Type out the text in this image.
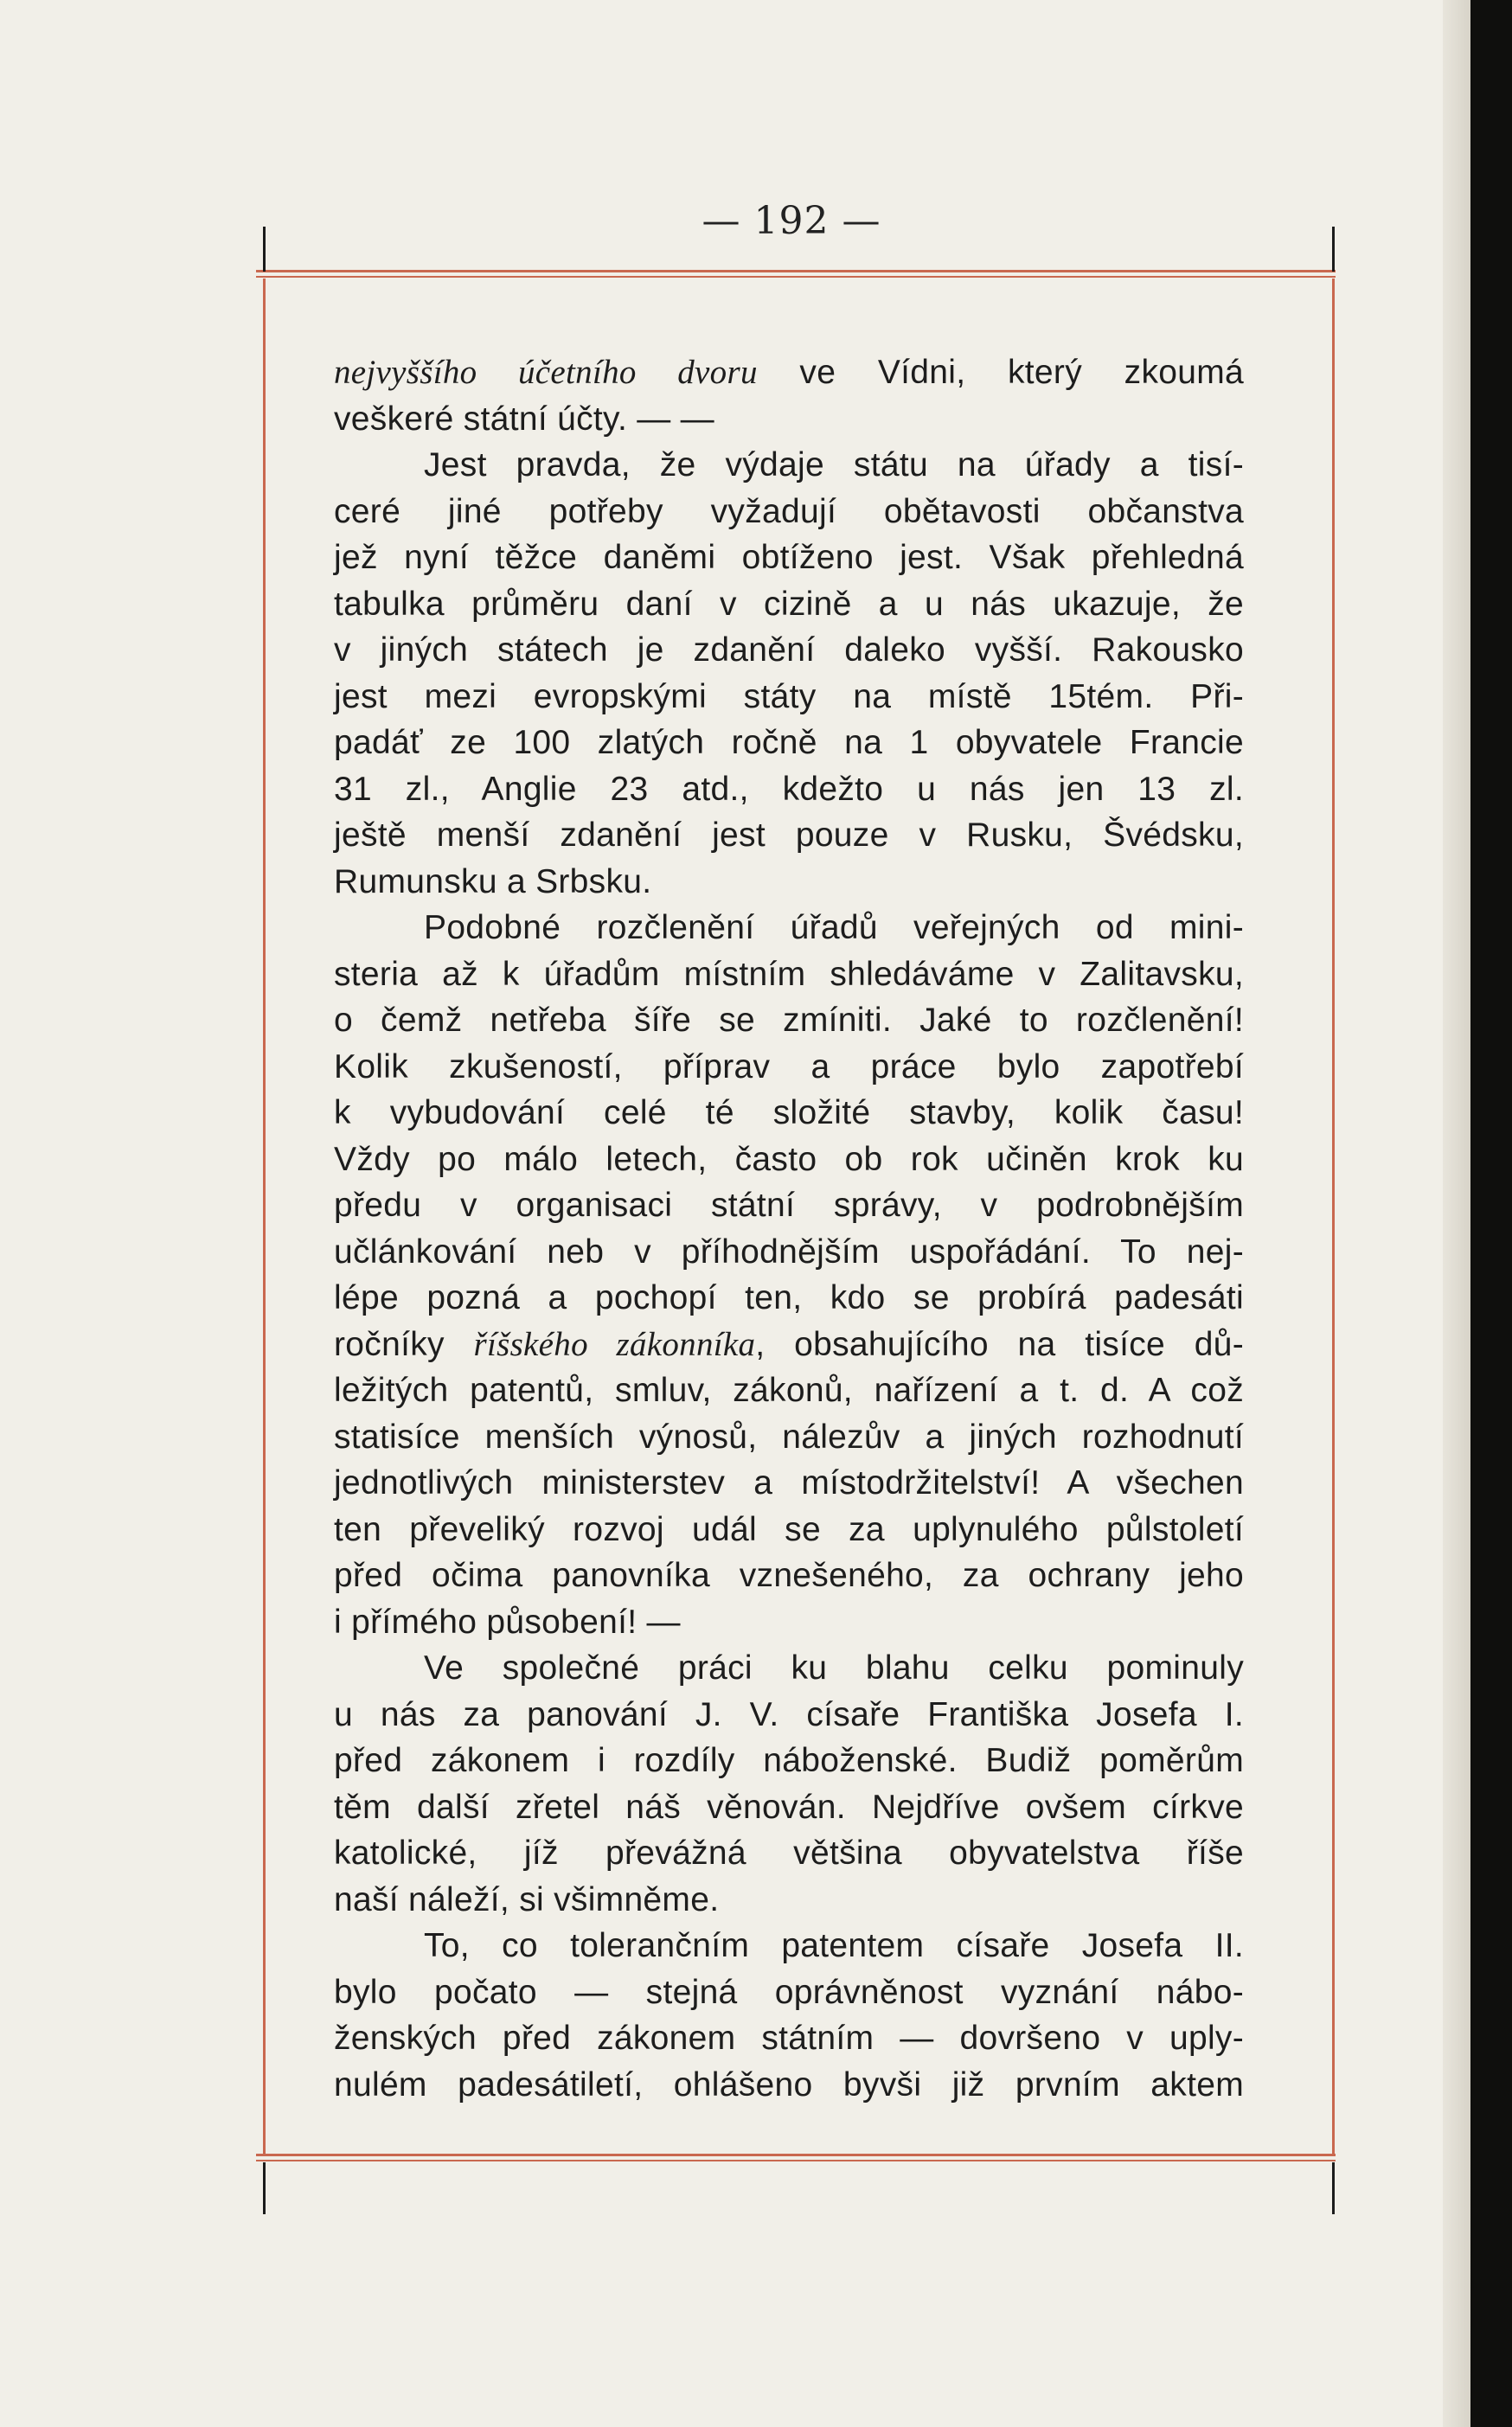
— 192 —
nejvyššího účetního dvoru ve Vídni, který zkoumá
veškeré státní účty. — —
Jest pravda, že výdaje státu na úřady a tisí-
ceré jiné potřeby vyžadují obětavosti občanstva
jež nyní těžce daněmi obtíženo jest. Však přehledná
tabulka průměru daní v cizině a u nás ukazuje, že
v jiných státech je zdanění daleko vyšší. Rakousko
jest mezi evropskými státy na místě 15tém. Při-
padáť ze 100 zlatých ročně na 1 obyvatele Francie
31 zl., Anglie 23 atd., kdežto u nás jen 13 zl.
ještě menší zdanění jest pouze v Rusku, Švédsku,
Rumunsku a Srbsku.
Podobné rozčlenění úřadů veřejných od mini-
steria až k úřadům místním shledáváme v Zalitavsku,
o čemž netřeba šíře se zmíniti. Jaké to rozčlenění!
Kolik zkušeností, příprav a práce bylo zapotřebí
k vybudování celé té složité stavby, kolik času!
Vždy po málo letech, často ob rok učiněn krok ku
předu v organisaci státní správy, v podrobnějším
učlánkování neb v příhodnějším uspořádání. To nej-
lépe pozná a pochopí ten, kdo se probírá padesáti
ročníky říšského zákonníka, obsahujícího na tisíce dů-
ležitých patentů, smluv, zákonů, nařízení a t. d. A což
statisíce menších výnosů, nálezův a jiných rozhodnutí
jednotlivých ministerstev a místodržitelství! A všechen
ten převeliký rozvoj udál se za uplynulého půlstoletí
před očima panovníka vznešeného, za ochrany jeho
i přímého působení! —
Ve společné práci ku blahu celku pominuly
u nás za panování J. V. císaře Františka Josefa I.
před zákonem i rozdíly náboženské. Budiž poměrům
těm další zřetel náš věnován. Nejdříve ovšem církve
katolické, jíž převážná většina obyvatelstva říše
naší náleží, si všimněme.
To, co tolerančním patentem císaře Josefa II.
bylo počato — stejná oprávněnost vyznání nábo-
ženských před zákonem státním — dovršeno v uply-
nulém padesátiletí, ohlášeno byvši již prvním aktem
